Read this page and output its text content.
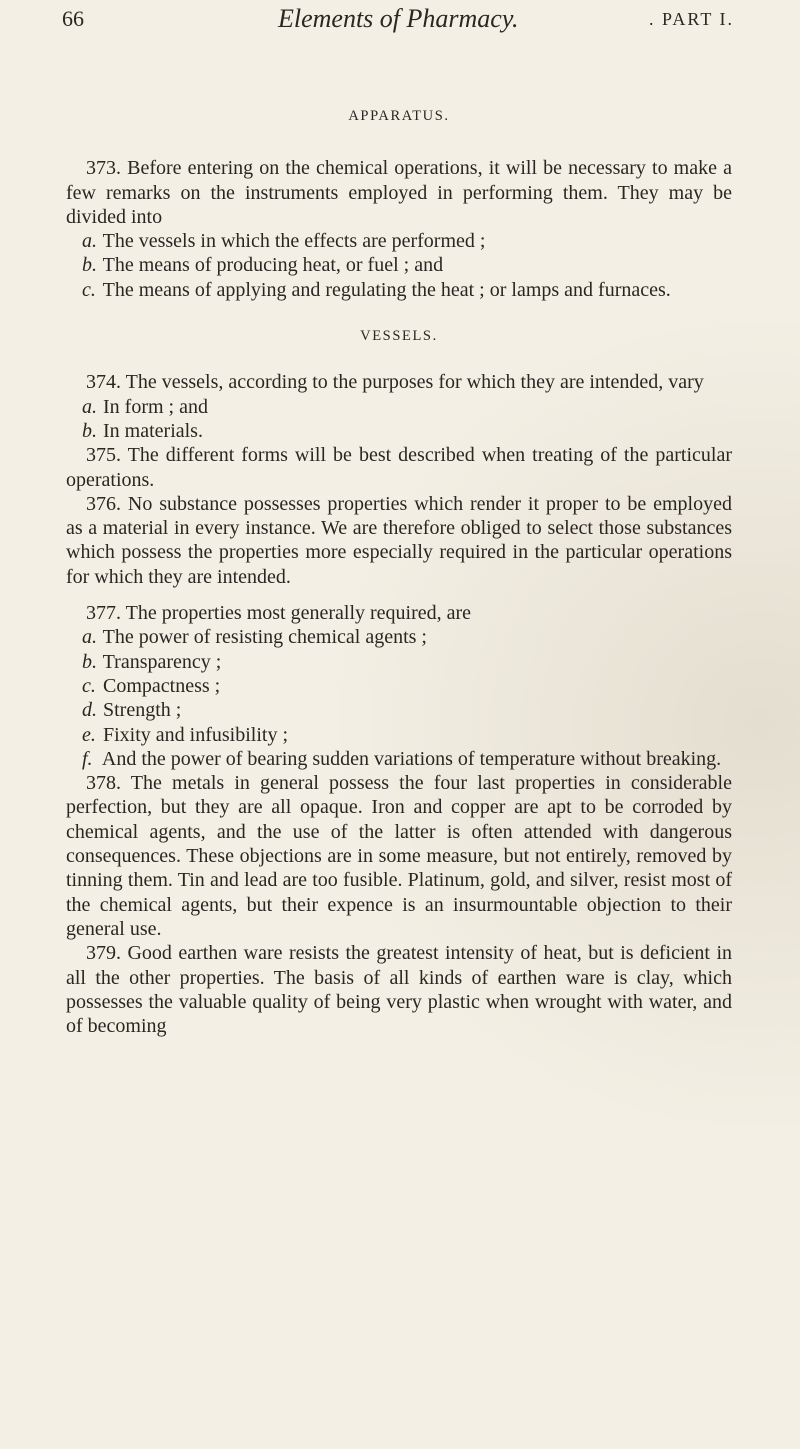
66	Elements of Pharmacy.	. PART I.
APPARATUS.

373. Before entering on the chemical operations, it will be necessary to make a few remarks on the instruments employed in performing them. They may be divided into

a. The vessels in which the effects are performed ;
b. The means of producing heat, or fuel ; and
c. The means of applying and regulating the heat ; or lamps and furnaces.
VESSELS.

374. The vessels, according to the purposes for which they are intended, vary

a. In form ; and
b. In materials.

375. The different forms will be best described when treating of the particular operations.

376. No substance possesses properties which render it proper to be employed as a material in every instance. We are therefore obliged to select those substances which possess the properties more especially required in the particular operations for which they are intended.

377. The properties most generally required, are

a. The power of resisting chemical agents ;
b. Transparency ;
c. Compactness ;
d. Strength ;
e. Fixity and infusibility ;
f. And the power of bearing sudden variations of temperature without breaking.

378. The metals in general possess the four last properties in considerable perfection, but they are all opaque. Iron and copper are apt to be corroded by chemical agents, and the use of the latter is often attended with dangerous consequences. These objections are in some measure, but not entirely, removed by tinning them. Tin and lead are too fusible. Platinum, gold, and silver, resist most of the chemical agents, but their expence is an insurmountable objection to their general use.

379. Good earthen ware resists the greatest intensity of heat, but is deficient in all the other properties. The basis of all kinds of earthen ware is clay, which possesses the valuable quality of being very plastic when wrought with water, and of becoming
